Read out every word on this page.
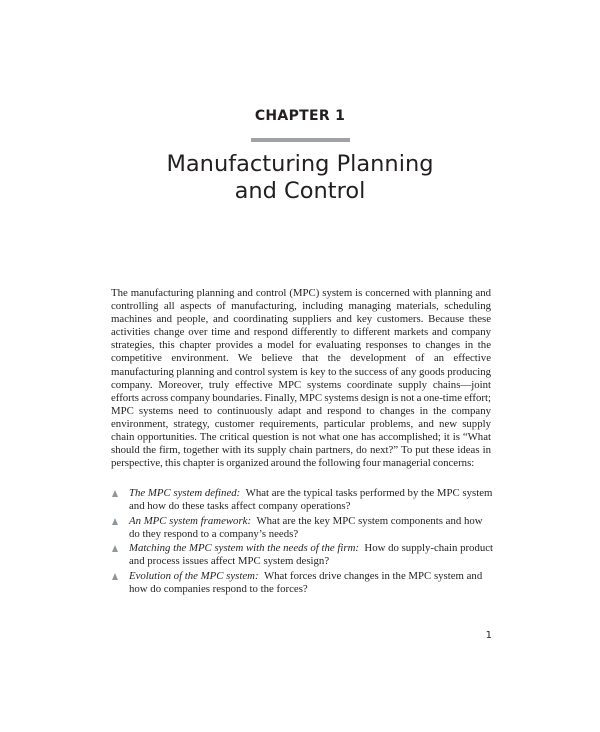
CHAPTER 1
Manufacturing Planning
and Control

The manufacturing planning and control (MPC) system is concerned with planning and controlling all aspects of manufacturing, including managing materials, scheduling machines and people, and coordinating suppliers and key customers. Because these activities change over time and respond differently to different markets and company strategies, this chapter provides a model for evaluating responses to changes in the competitive environment. We believe that the development of an effective manufacturing planning and control system is key to the success of any goods producing company. Moreover, truly effective MPC systems coordinate supply chains—joint efforts across company boundaries. Finally, MPC systems design is not a one-time effort; MPC systems need to continuously adapt and respond to changes in the company environment, strategy, customer requirements, particular problems, and new supply chain opportunities. The critical question is not what one has accomplished; it is “What should the firm, together with its supply chain partners, do next?” To put these ideas in perspective, this chapter is organized around the following four managerial concerns:

The MPC system defined:  What are the typical tasks performed by the MPC system and how do these tasks affect company operations?
An MPC system framework:  What are the key MPC system components and how do they respond to a company’s needs?
Matching the MPC system with the needs of the firm:  How do supply-chain product and process issues affect MPC system design?
Evolution of the MPC system:  What forces drive changes in the MPC system and how do companies respond to the forces?
1
